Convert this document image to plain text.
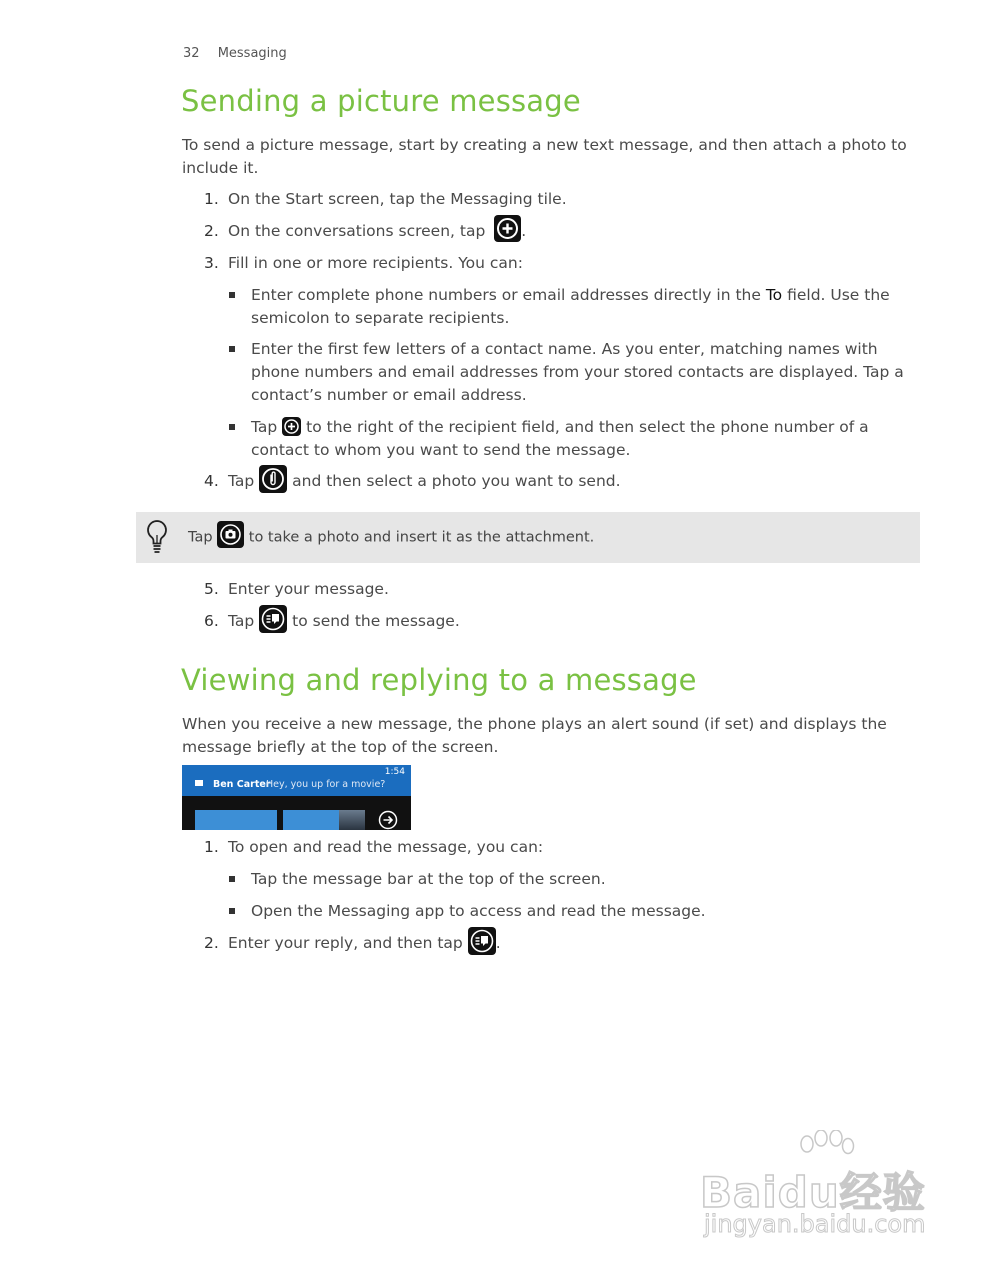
32 Messaging
Sending a picture message
To send a picture message, start by creating a new text message, and then attach a photo to include it.
1. On the Start screen, tap the Messaging tile.
2. On the conversations screen, tap .
3. Fill in one or more recipients. You can:
Enter complete phone numbers or email addresses directly in the To field. Use the semicolon to separate recipients.
Enter the first few letters of a contact name. As you enter, matching names with phone numbers and email addresses from your stored contacts are displayed. Tap a contact’s number or email address.
Tap to the right of the recipient field, and then select the phone number of a contact to whom you want to send the message.
4. Tap and then select a photo you want to send.
Tap to take a photo and insert it as the attachment.
5. Enter your message.
6. Tap to send the message.
Viewing and replying to a message
When you receive a new message, the phone plays an alert sound (if set) and displays the message briefly at the top of the screen.
1:54
Ben Carter
Hey, you up for a movie?
1. To open and read the message, you can:
Tap the message bar at the top of the screen.
Open the Messaging app to access and read the message.
2. Enter your reply, and then tap .
Baidu经验
jingyan.baidu.com
